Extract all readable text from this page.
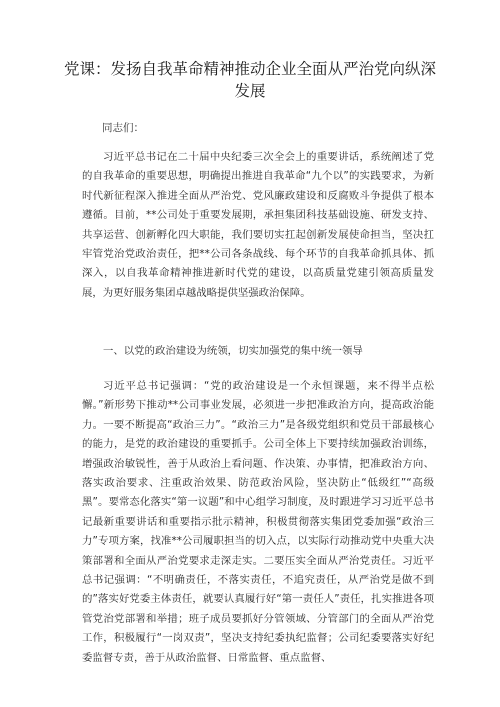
党课：发扬自我革命精神推动企业全面从严治党向纵深发展
同志们：

习近平总书记在二十届中央纪委三次全会上的重要讲话，系统阐述了党的自我革命的重要思想，明确提出推进自我革命“九个以”的实践要求，为新时代新征程深入推进全面从严治党、党风廉政建设和反腐败斗争提供了根本遵循。目前，**公司处于重要发展期，承担集团科技基础设施、研发支持、共享运营、创新孵化四大职能，我们要切实扛起创新发展使命担当，坚决扛牢管党治党政治责任，把**公司各条战线、每个环节的自我革命抓具体、抓深入，以自我革命精神推进新时代党的建设，以高质量党建引领高质量发展，为更好服务集团卓越战略提供坚强政治保障。

一、以党的政治建设为统领，切实加强党的集中统一领导

习近平总书记强调：“党的政治建设是一个永恒课题，来不得半点松懈。”新形势下推动**公司事业发展，必须进一步把准政治方向，提高政治能力。一要不断提高“政治三力”。“政治三力”是各级党组织和党员干部最核心的能力，是党的政治建设的重要抓手。公司全体上下要持续加强政治训练，增强政治敏锐性，善于从政治上看问题、作决策、办事情，把准政治方向、落实政治要求、注重政治效果、防范政治风险，坚决防止“低级红”“高级黑”。要常态化落实“第一议题”和中心组学习制度，及时跟进学习习近平总书记最新重要讲话和重要指示批示精神，积极贯彻落实集团党委加强“政治三力”专项方案，找准**公司履职担当的切入点，以实际行动推动党中央重大决策部署和全面从严治党要求走深走实。二要压实全面从严治党责任。习近平总书记强调：“不明确责任，不落实责任，不追究责任，从严治党是做不到的”落实好党委主体责任，就要认真履行好“第一责任人”责任，扎实推进各项管党治党部署和举措；班子成员要抓好分管领域、分管部门的全面从严治党工作，积极履行“一岗双责”，坚决支持纪委执纪监督；公司纪委要落实好纪委监督专责，善于从政治监督、日常监督、重点监督、
